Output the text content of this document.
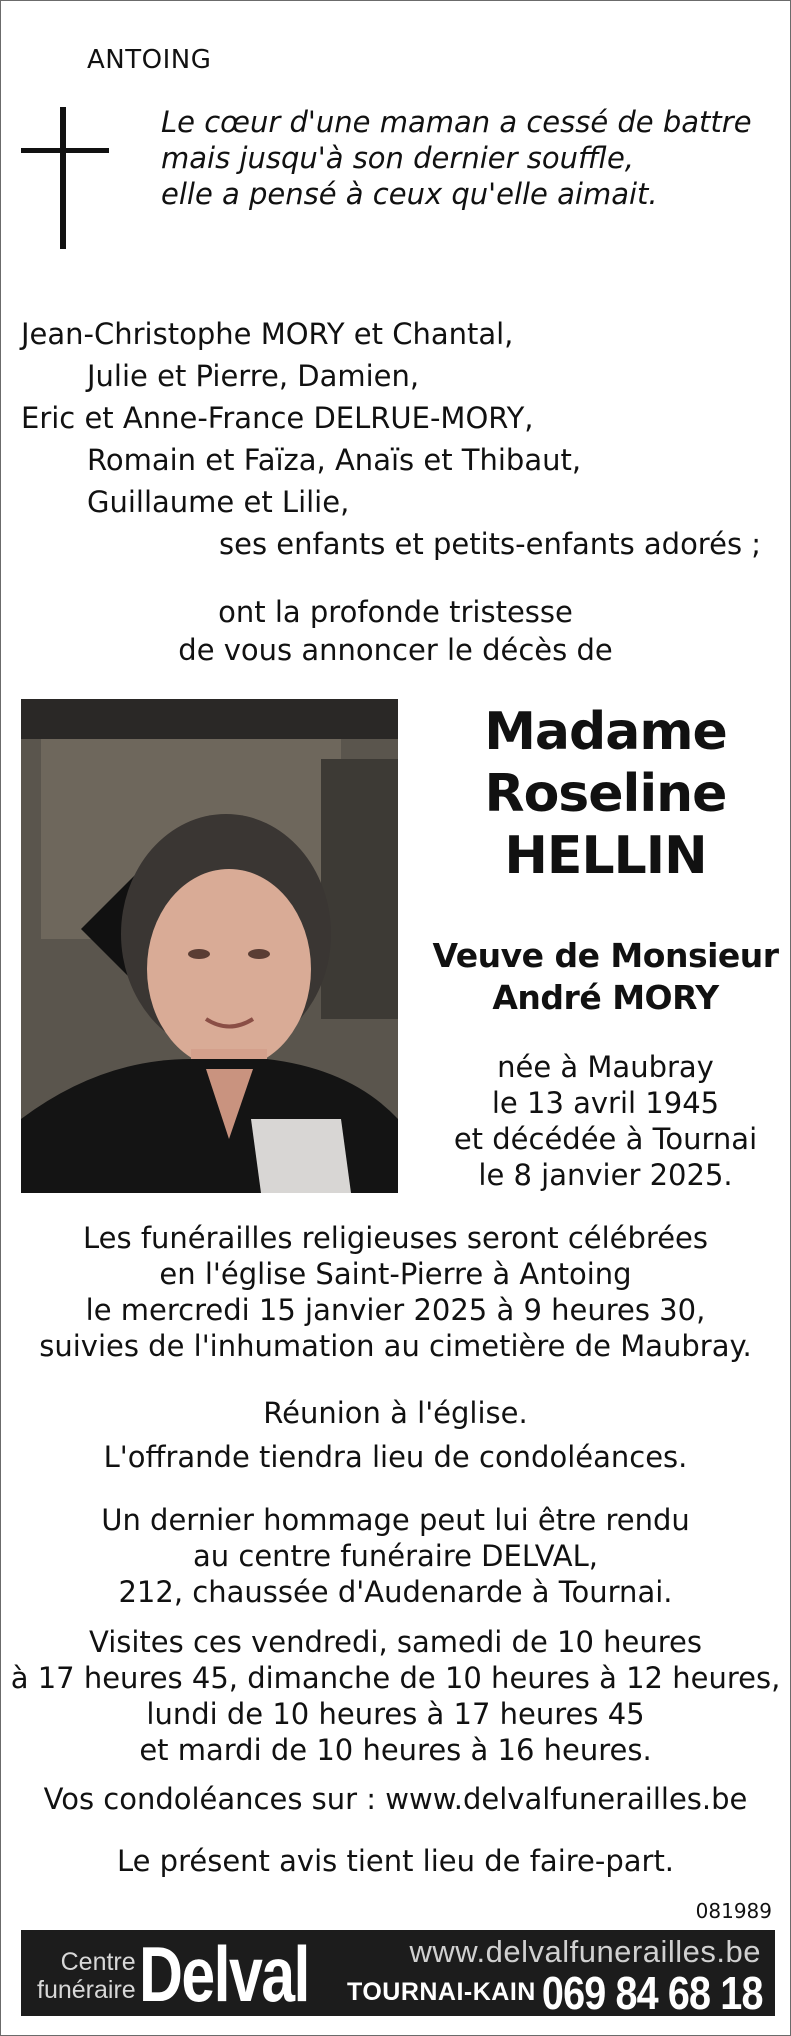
ANTOING
Le cœur d'une maman a cessé de battre
mais jusqu'à son dernier souffle,
elle a pensé à ceux qu'elle aimait.
Jean-Christophe MORY et Chantal,
Julie et Pierre, Damien,
Eric et Anne-France DELRUE-MORY,
Romain et Faïza, Anaïs et Thibaut,
Guillaume et Lilie,
ses enfants et petits-enfants adorés ;
ont la profonde tristesse
de vous annoncer le décès de
Madame
Roseline
HELLIN
Veuve de Monsieur
André MORY
née à Maubray
le 13 avril 1945
et décédée à Tournai
le 8 janvier 2025.
Les funérailles religieuses seront célébrées
en l'église Saint-Pierre à Antoing
le mercredi 15 janvier 2025 à 9 heures 30,
suivies de l'inhumation au cimetière de Maubray.
Réunion à l'église.
L'offrande tiendra lieu de condoléances.
Un dernier hommage peut lui être rendu
au centre funéraire DELVAL,
212, chaussée d'Audenarde à Tournai.
Visites ces vendredi, samedi de 10 heures
à 17 heures 45, dimanche de 10 heures à 12 heures,
lundi de 10 heures à 17 heures 45
et mardi de 10 heures à 16 heures.
Vos condoléances sur : www.delvalfunerailles.be
Le présent avis tient lieu de faire-part.
081989
Centre
funéraire Delval	www.delvalfunerailles.be
TOURNAI-KAIN 069 84 68 18
